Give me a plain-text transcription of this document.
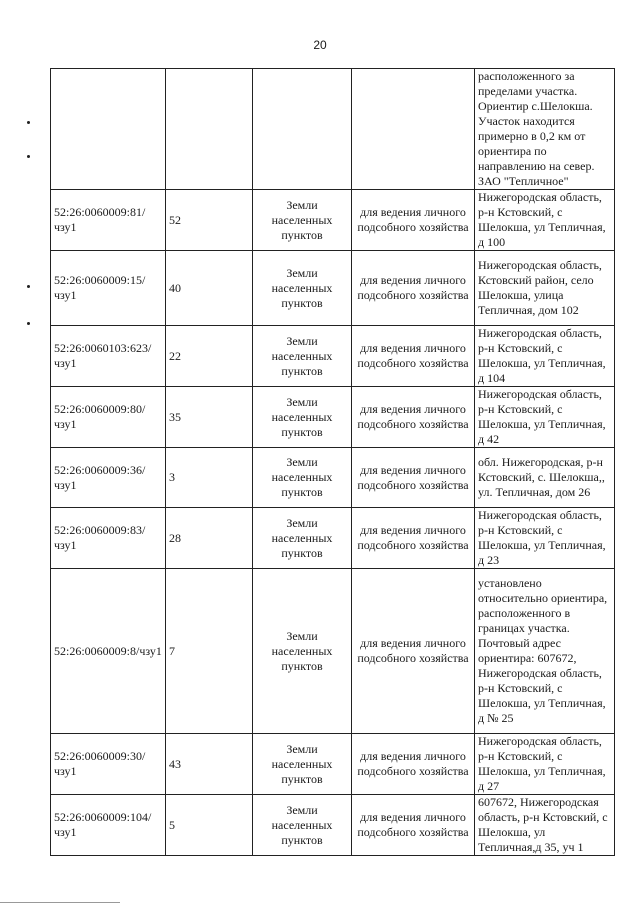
20
				расположенного за пределами участка. Ориентир с.Шелокша. Участок находится примерно в 0,2 км от ориентира по направлению на север. ЗАО "Тепличное"
52:26:0060009:81/чзу1	52	Земли населенных пунктов	для ведения личного подсобного хозяйства	Нижегородская область, р-н Кстовский, с Шелокша, ул Тепличная, д 100
52:26:0060009:15/чзу1	40	Земли населенных пунктов	для ведения личного подсобного хозяйства	Нижегородская область, Кстовский район, село Шелокша, улица Тепличная, дом 102
52:26:0060103:623/чзу1	22	Земли населенных пунктов	для ведения личного подсобного хозяйства	Нижегородская область, р-н Кстовский, с Шелокша, ул Тепличная, д 104
52:26:0060009:80/чзу1	35	Земли населенных пунктов	для ведения личного подсобного хозяйства	Нижегородская область, р-н Кстовский, с Шелокша, ул Тепличная, д 42
52:26:0060009:36/чзу1	3	Земли населенных пунктов	для ведения личного подсобного хозяйства	обл. Нижегородская, р-н Кстовский, с. Шелокша,, ул. Тепличная, дом 26
52:26:0060009:83/чзу1	28	Земли населенных пунктов	для ведения личного подсобного хозяйства	Нижегородская область, р-н Кстовский, с Шелокша, ул Тепличная, д 23
52:26:0060009:8/чзу1	7	Земли населенных пунктов	для ведения личного подсобного хозяйства	установлено относительно ориентира, расположенного в границах участка. Почтовый адрес ориентира: 607672, Нижегородская область, р-н Кстовский, с Шелокша, ул Тепличная, д № 25
52:26:0060009:30/чзу1	43	Земли населенных пунктов	для ведения личного подсобного хозяйства	Нижегородская область, р-н Кстовский, с Шелокша, ул Тепличная, д 27
52:26:0060009:104/чзу1	5	Земли населенных пунктов	для ведения личного подсобного хозяйства	607672, Нижегородская область, р-н Кстовский, с Шелокша, ул Тепличная,д 35, уч 1
